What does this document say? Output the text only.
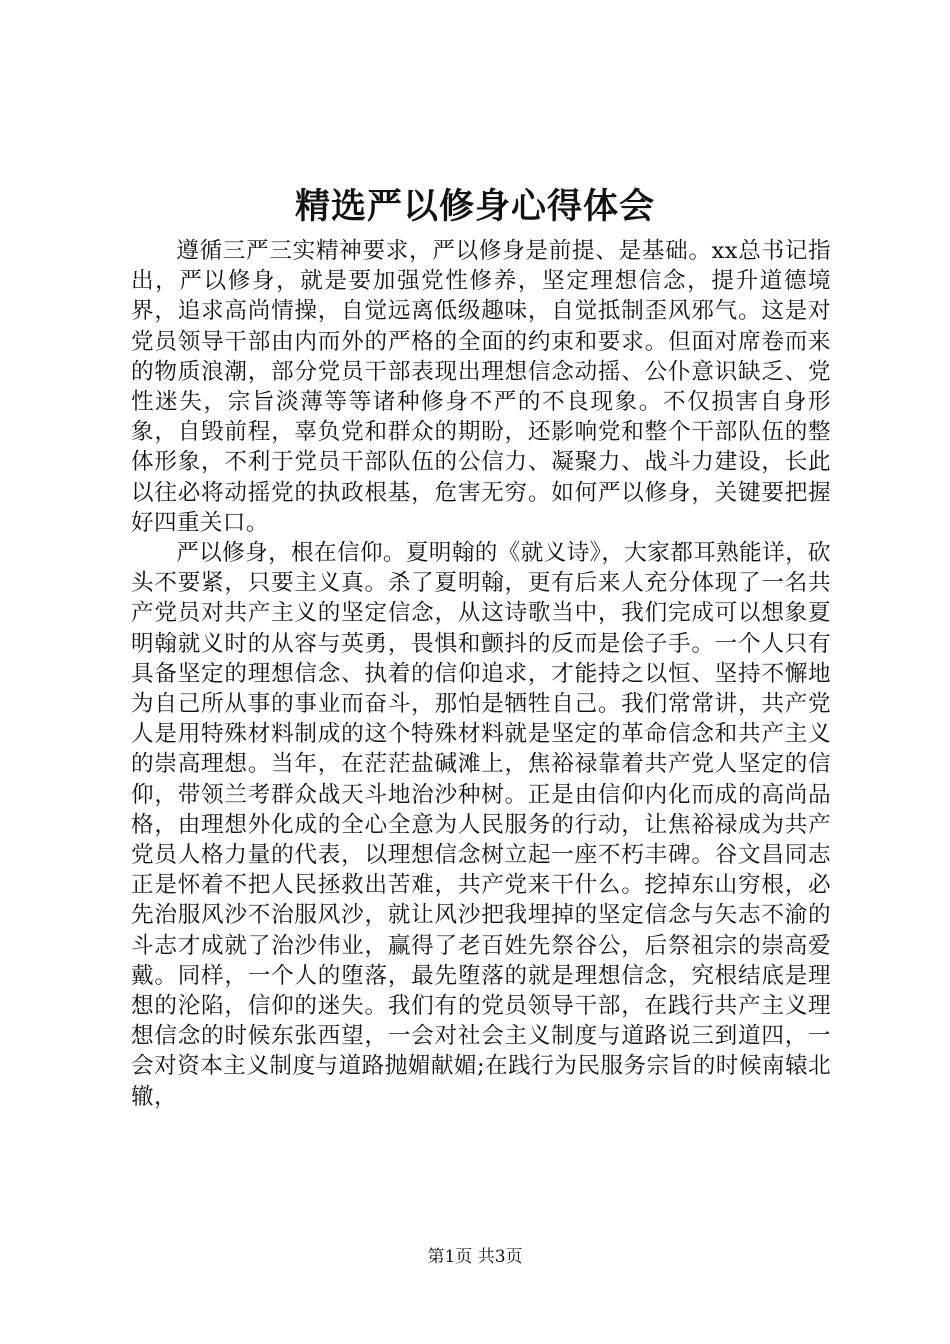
精选严以修身心得体会

遵循三严三实精神要求，严以修身是前提、是基础。xx总书记指出，严以修身，就是要加强党性修养，坚定理想信念，提升道德境界，追求高尚情操，自觉远离低级趣味，自觉抵制歪风邪气。这是对党员领导干部由内而外的严格的全面的约束和要求。但面对席卷而来的物质浪潮，部分党员干部表现出理想信念动摇、公仆意识缺乏、党性迷失，宗旨淡薄等等诸种修身不严的不良现象。不仅损害自身形象，自毁前程，辜负党和群众的期盼，还影响党和整个干部队伍的整体形象，不利于党员干部队伍的公信力、凝聚力、战斗力建设，长此以往必将动摇党的执政根基，危害无穷。如何严以修身，关键要把握好四重关口。

严以修身，根在信仰。夏明翰的《就义诗》，大家都耳熟能详，砍头不要紧，只要主义真。杀了夏明翰，更有后来人充分体现了一名共产党员对共产主义的坚定信念，从这诗歌当中，我们完成可以想象夏明翰就义时的从容与英勇，畏惧和颤抖的反而是侩子手。一个人只有具备坚定的理想信念、执着的信仰追求，才能持之以恒、坚持不懈地为自己所从事的事业而奋斗，那怕是牺牲自己。我们常常讲，共产党人是用特殊材料制成的这个特殊材料就是坚定的革命信念和共产主义的崇高理想。当年，在茫茫盐碱滩上，焦裕禄靠着共产党人坚定的信仰，带领兰考群众战天斗地治沙种树。正是由信仰内化而成的高尚品格，由理想外化成的全心全意为人民服务的行动，让焦裕禄成为共产党员人格力量的代表，以理想信念树立起一座不朽丰碑。谷文昌同志正是怀着不把人民拯救出苦难，共产党来干什么。挖掉东山穷根，必先治服风沙不治服风沙，就让风沙把我埋掉的坚定信念与矢志不渝的斗志才成就了治沙伟业，赢得了老百姓先祭谷公，后祭祖宗的崇高爱戴。同样，一个人的堕落，最先堕落的就是理想信念，究根结底是理想的沦陷，信仰的迷失。我们有的党员领导干部，在践行共产主义理想信念的时候东张西望，一会对社会主义制度与道路说三到道四，一会对资本主义制度与道路抛媚献媚;在践行为民服务宗旨的时候南辕北辙，

第1页 共3页
